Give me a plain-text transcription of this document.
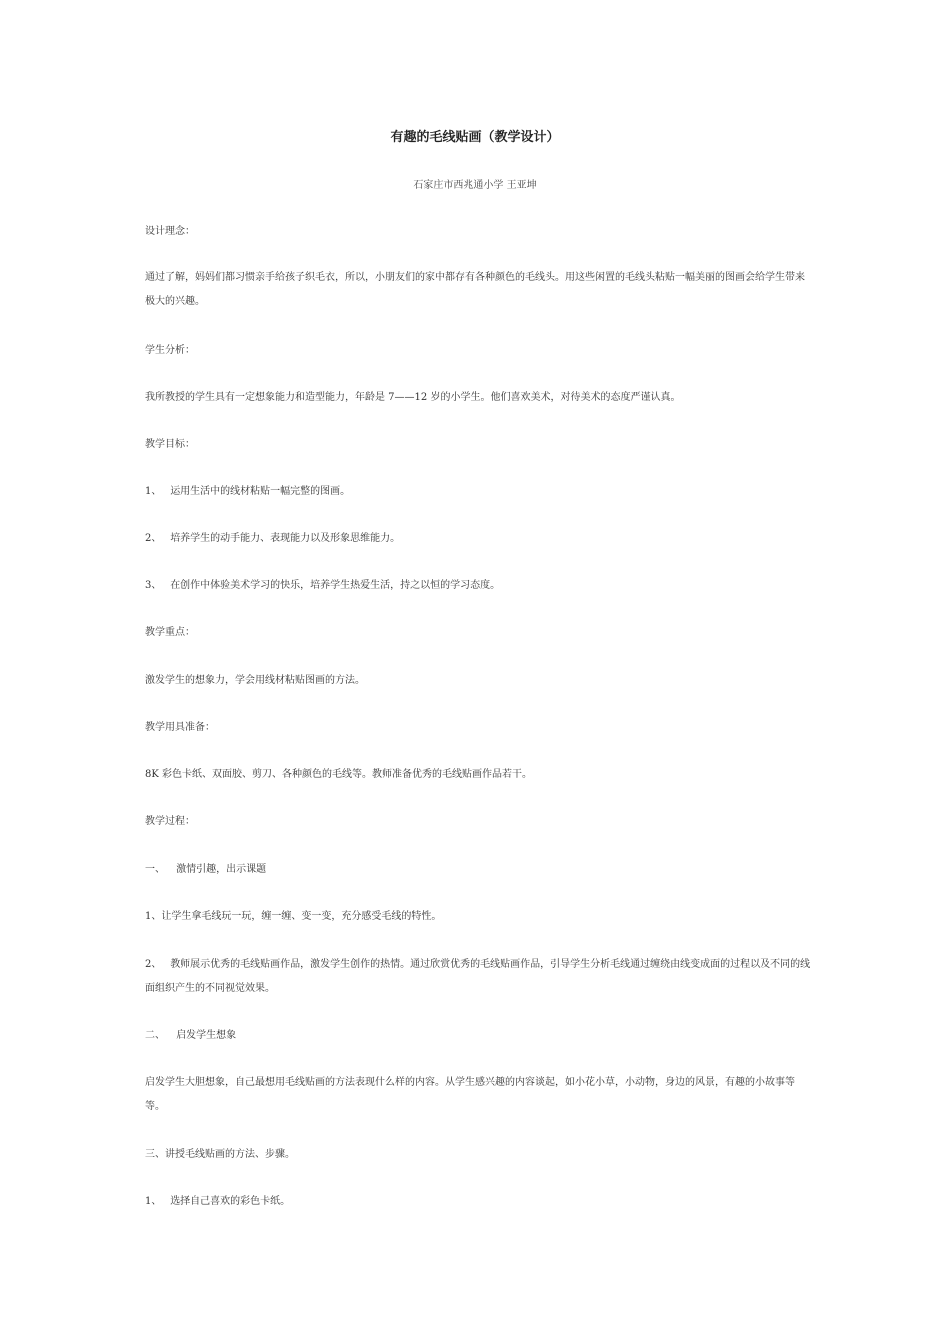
有趣的毛线贴画（教学设计）
石家庄市西兆通小学 王亚坤
设计理念：
通过了解，妈妈们都习惯亲手给孩子织毛衣，所以，小朋友们的家中都存有各种颜色的毛线头。用这些闲置的毛线头粘贴一幅美丽的图画会给学生带来极大的兴趣。
学生分析：
我所教授的学生具有一定想象能力和造型能力，年龄是 7——12 岁的小学生。他们喜欢美术，对待美术的态度严谨认真。
教学目标：
1、 运用生活中的线材粘贴一幅完整的图画。
2、 培养学生的动手能力、表现能力以及形象思维能力。
3、 在创作中体验美术学习的快乐，培养学生热爱生活，持之以恒的学习态度。
教学重点：
激发学生的想象力，学会用线材粘贴图画的方法。
教学用具准备：
8K 彩色卡纸、双面胶、剪刀、各种颜色的毛线等。教师准备优秀的毛线贴画作品若干。
教学过程：
一、 激情引趣，出示课题
1、让学生拿毛线玩一玩，缠一缠、变一变，充分感受毛线的特性。
2、 教师展示优秀的毛线贴画作品，激发学生创作的热情。通过欣赏优秀的毛线贴画作品，引导学生分析毛线通过缠绕由线变成面的过程以及不同的线面组织产生的不同视觉效果。
二、 启发学生想象
启发学生大胆想象，自己最想用毛线贴画的方法表现什么样的内容。从学生感兴趣的内容谈起，如小花小草，小动物，身边的风景，有趣的小故事等等。
三、讲授毛线贴画的方法、步骤。
1、 选择自己喜欢的彩色卡纸。
